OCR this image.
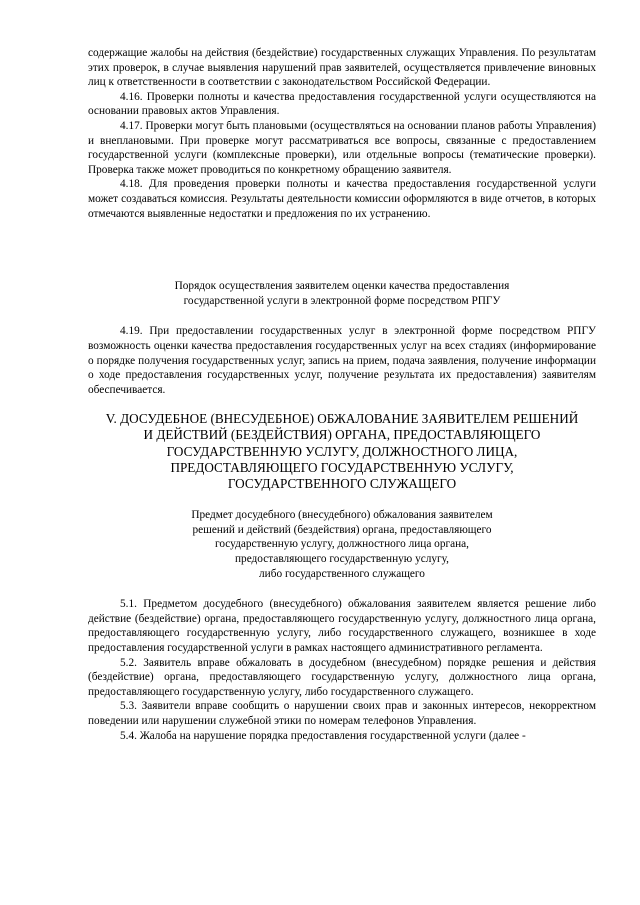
содержащие жалобы на действия (бездействие) государственных служащих Управления. По результатам этих проверок, в случае выявления нарушений прав заявителей, осуществляется привлечение виновных лиц к ответственности в соответствии с законодательством Российской Федерации.

4.16. Проверки полноты и качества предоставления государственной услуги осуществляются на основании правовых актов Управления.

4.17. Проверки могут быть плановыми (осуществляться на основании планов работы Управления) и внеплановыми. При проверке могут рассматриваться все вопросы, связанные с предоставлением государственной услуги (комплексные проверки), или отдельные вопросы (тематические проверки). Проверка также может проводиться по конкретному обращению заявителя.

4.18. Для проведения проверки полноты и качества предоставления государственной услуги может создаваться комиссия. Результаты деятельности комиссии оформляются в виде отчетов, в которых отмечаются выявленные недостатки и предложения по их устранению.

Порядок осуществления заявителем оценки качества предоставления государственной услуги в электронной форме посредством РПГУ

4.19. При предоставлении государственных услуг в электронной форме посредством РПГУ возможность оценки качества предоставления государственных услуг на всех стадиях (информирование о порядке получения государственных услуг, запись на прием, подача заявления, получение информации о ходе предоставления государственных услуг, получение результата их предоставления) заявителям обеспечивается.

V. ДОСУДЕБНОЕ (ВНЕСУДЕБНОЕ) ОБЖАЛОВАНИЕ ЗАЯВИТЕЛЕМ РЕШЕНИЙ И ДЕЙСТВИЙ (БЕЗДЕЙСТВИЯ) ОРГАНА, ПРЕДОСТАВЛЯЮЩЕГО ГОСУДАРСТВЕННУЮ УСЛУГУ, ДОЛЖНОСТНОГО ЛИЦА, ПРЕДОСТАВЛЯЮЩЕГО ГОСУДАРСТВЕННУЮ УСЛУГУ, ГОСУДАРСТВЕННОГО СЛУЖАЩЕГО

Предмет досудебного (внесудебного) обжалования заявителем

решений и действий (бездействия) органа, предоставляющего

государственную услугу, должностного лица органа,

предоставляющего государственную услугу,

либо государственного служащего

5.1. Предметом досудебного (внесудебного) обжалования заявителем является решение либо действие (бездействие) органа, предоставляющего государственную услугу, должностного лица органа, предоставляющего государственную услугу, либо государственного служащего, возникшее в ходе предоставления государственной услуги в рамках настоящего административного регламента.

5.2. Заявитель вправе обжаловать в досудебном (внесудебном) порядке решения и действия (бездействие) органа, предоставляющего государственную услугу, должностного лица органа, предоставляющего государственную услугу, либо государственного служащего.

5.3. Заявители вправе сообщить о нарушении своих прав и законных интересов, некорректном поведении или нарушении служебной этики по номерам телефонов Управления.

5.4. Жалоба на нарушение порядка предоставления государственной услуги (далее -
